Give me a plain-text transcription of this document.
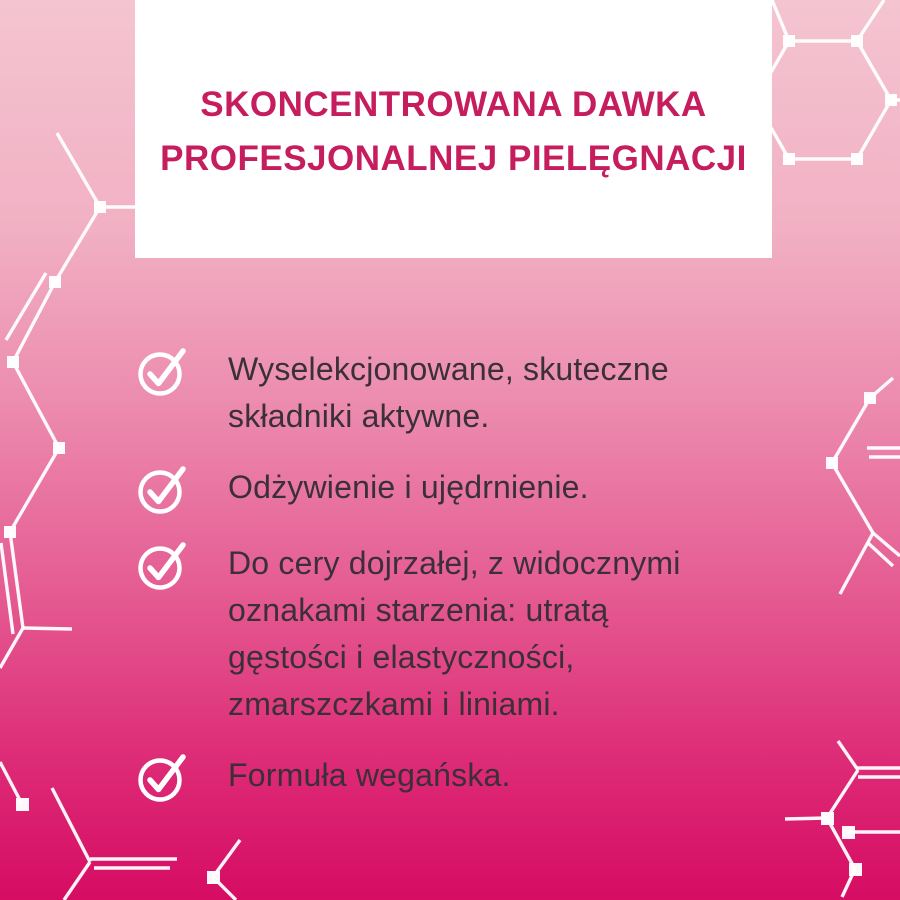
SKONCENTROWANA DAWKA
PROFESJONALNEJ PIELĘGNACJI
Wyselekcjonowane, skuteczne
składniki aktywne.
Odżywienie i ujędrnienie.
Do cery dojrzałej, z widocznymi
oznakami starzenia: utratą
gęstości i elastyczności,
zmarszczkami i liniami.
Formuła wegańska.
